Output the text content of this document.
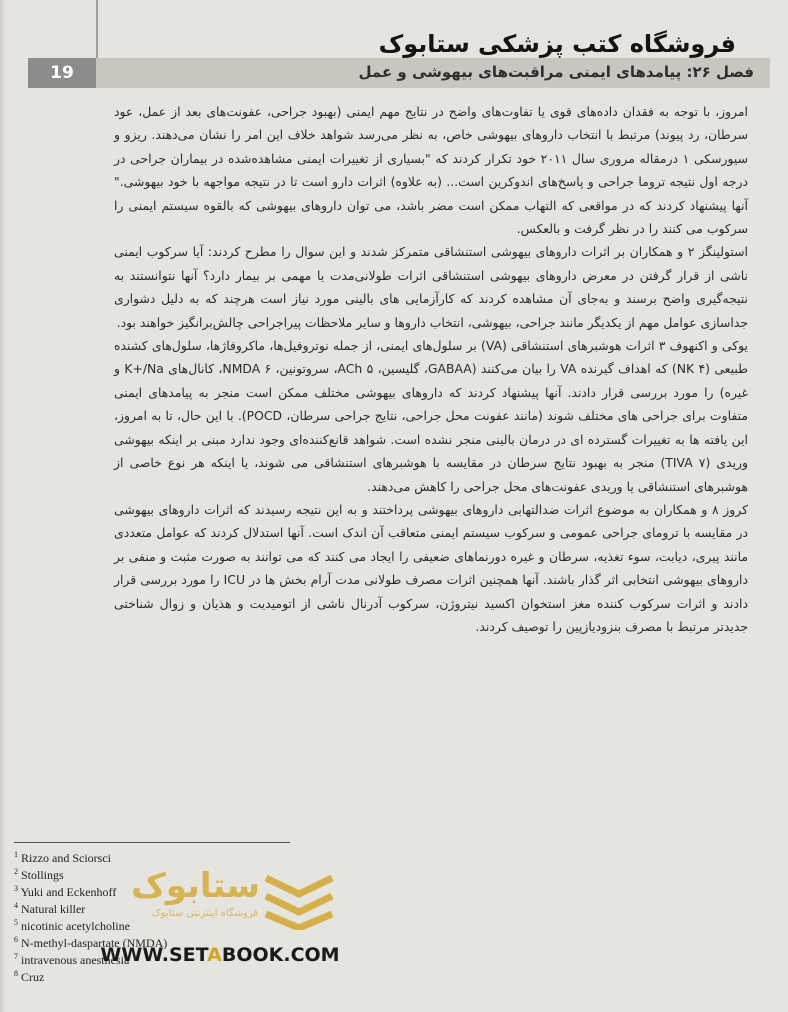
فروشگاه کتب پزشکی ستابوک
19	فصل ۲۶: پیامدهای ایمنی مراقبت‌های بیهوشی و عمل

امروز، با توجه به فقدان داده‌های قوی یا تفاوت‌های واضح در نتایج مهم ایمنی (بهبود جراحی، عفونت‌های بعد از عمل، عود سرطان، رد پیوند) مرتبط با انتخاب داروهای بیهوشی خاص، به نظر می‌رسد شواهد خلاف این امر را نشان می‌دهند. ریزو و سیورسکی ۱ درمقاله مروری سال ۲۰۱۱ خود تکرار کردند که "بسیاری از تغییرات ایمنی مشاهده‌شده در بیماران جراحی در درجه اول نتیجه تروما جراحی و پاسخ‌های اندوکرین است... (به علاوه) اثرات دارو است تا در نتیجه مواجهه با خود بیهوشی." آنها پیشنهاد کردند که در مواقعی که التهاب ممکن است مضر باشد، می توان داروهای بیهوشی که بالقوه سیستم ایمنی را سرکوب می کنند را در نظر گرفت و بالعکس.

استولینگز ۲ و همکاران بر اثرات داروهای بیهوشی استنشاقی متمرکز شدند و این سوال را مطرح کردند: آیا سرکوب ایمنی ناشی از قرار گرفتن در معرض داروهای بیهوشی استنشاقی اثرات طولانی‌مدت یا مهمی بر بیمار دارد؟ آنها نتوانستند به نتیجه‌گیری واضح برسند و به‌جای آن مشاهده کردند که کارآزمایی های بالینی مورد نیاز است هرچند که به دلیل دشواری جداسازی عوامل مهم از یکدیگر مانند جراحی، بیهوشی، انتخاب داروها و سایر ملاحظات پیراجراحی چالش‌برانگیز خواهند بود.

یوکی و اکنهوف ۳ اثرات هوشبرهای استنشاقی (VA) بر سلول‌های ایمنی، از جمله نوتروفیل‌ها، ماکروفاژها، سلول‌های کشنده طبیعی (NK ۴) که اهداف گیرنده VA را بیان می‌کنند (GABAA، گلیسین، ACh ۵، سروتونین، NMDA ۶، کانال‌های K+/Na و غیره) را مورد بررسی قرار دادند. آنها پیشنهاد کردند که داروهای بیهوشی مختلف ممکن است منجر به پیامدهای ایمنی متفاوت برای جراحی های مختلف شوند (مانند عفونت محل جراحی، نتایج جراحی سرطان، POCD). با این حال، تا به امروز، این یافته ها به تغییرات گسترده ای در درمان بالینی منجر نشده است. شواهد قانع‌کننده‌ای وجود ندارد مبنی بر اینکه بیهوشی وریدی (TIVA ۷) منجر به بهبود نتایج سرطان در مقایسه با هوشبرهای استنشاقی می شوند، یا اینکه هر نوع خاصی از هوشبرهای استنشاقی یا وریدی عفونت‌های محل جراحی را کاهش می‌دهند.

کروز ۸ و همکاران به موضوع اثرات ضدالتهابی داروهای بیهوشی پرداختند و به این نتیجه رسیدند که اثرات داروهای بیهوشی در مقایسه با ترومای جراحی عمومی و سرکوب سیستم ایمنی متعاقب آن اندک است. آنها استدلال کردند که عوامل متعددی مانند پیری، دیابت، سوء تغذیه، سرطان و غیره دورنماهای ضعیفی را ایجاد می کنند که می توانند به صورت مثبت و منفی بر داروهای بیهوشی انتخابی اثر گذار باشند. آنها همچنین اثرات مصرف طولانی مدت آرام بخش ها در ICU را مورد بررسی قرار دادند و اثرات سرکوب کننده مغز استخوان اکسید نیتروژن، سرکوب آدرنال ناشی از اتومیدیت و هذیان و زوال شناختی جدیدتر مرتبط با مصرف بنزودیازپین را توصیف کردند.

$^1$ Rizzo and Sciorsci
$^2$ Stollings
$^3$ Yuki and Eckenhoff
$^4$ Natural killer
$^5$ nicotinic acetylcholine
$^6$ N-methyl-daspartate (NMDA)
$^7$ intravenous anesthesia
$^8$ Cruz
ستابوک
فروشگاه اینترنتی ستابوک
WWW.SETABOOK.COM
